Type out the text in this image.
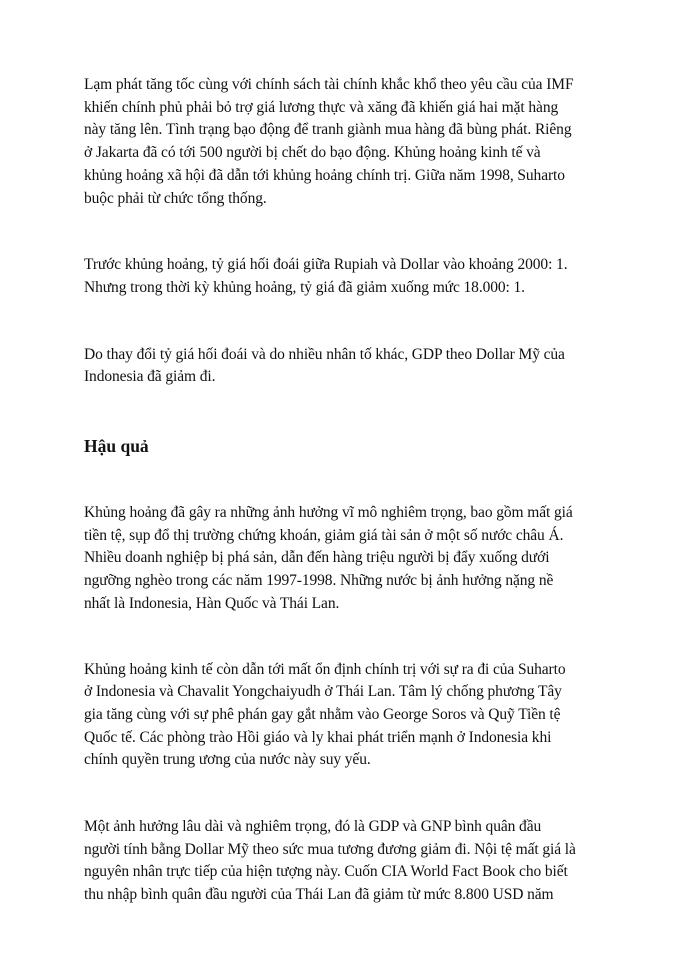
Lạm phát tăng tốc cùng với chính sách tài chính khắc khổ theo yêu cầu của IMF
khiến chính phủ phải bỏ trợ giá lương thực và xăng đã khiến giá hai mặt hàng
này tăng lên. Tình trạng bạo động để tranh giành mua hàng đã bùng phát. Riêng
ở Jakarta đã có tới 500 người bị chết do bạo động. Khủng hoảng kinh tế và
khủng hoảng xã hội đã dẫn tới khủng hoảng chính trị. Giữa năm 1998, Suharto
buộc phải từ chức tổng thống.

Trước khủng hoảng, tỷ giá hối đoái giữa Rupiah và Dollar vào khoảng 2000: 1.
Nhưng trong thời kỳ khủng hoảng, tỷ giá đã giảm xuống mức 18.000: 1.

Do thay đổi tỷ giá hối đoái và do nhiều nhân tố khác, GDP theo Dollar Mỹ của
Indonesia đã giảm đi.

Hậu quả

Khủng hoảng đã gây ra những ảnh hưởng vĩ mô nghiêm trọng, bao gồm mất giá
tiền tệ, sụp đổ thị trường chứng khoán, giảm giá tài sản ở một số nước châu Á.
Nhiều doanh nghiệp bị phá sản, dẫn đến hàng triệu người bị đẩy xuống dưới
ngưỡng nghèo trong các năm 1997-1998. Những nước bị ảnh hưởng nặng nề
nhất là Indonesia, Hàn Quốc và Thái Lan.

Khủng hoảng kinh tế còn dẫn tới mất ổn định chính trị với sự ra đi của Suharto
ở Indonesia và Chavalit Yongchaiyudh ở Thái Lan. Tâm lý chống phương Tây
gia tăng cùng với sự phê phán gay gắt nhằm vào George Soros và Quỹ Tiền tệ
Quốc tế. Các phòng trào Hồi giáo và ly khai phát triển mạnh ở Indonesia khi
chính quyền trung ương của nước này suy yếu.

Một ảnh hưởng lâu dài và nghiêm trọng, đó là GDP và GNP bình quân đầu
người tính bằng Dollar Mỹ theo sức mua tương đương giảm đi. Nội tệ mất giá là
nguyên nhân trực tiếp của hiện tượng này. Cuốn CIA World Fact Book cho biết
thu nhập bình quân đầu người của Thái Lan đã giảm từ mức 8.800 USD năm
